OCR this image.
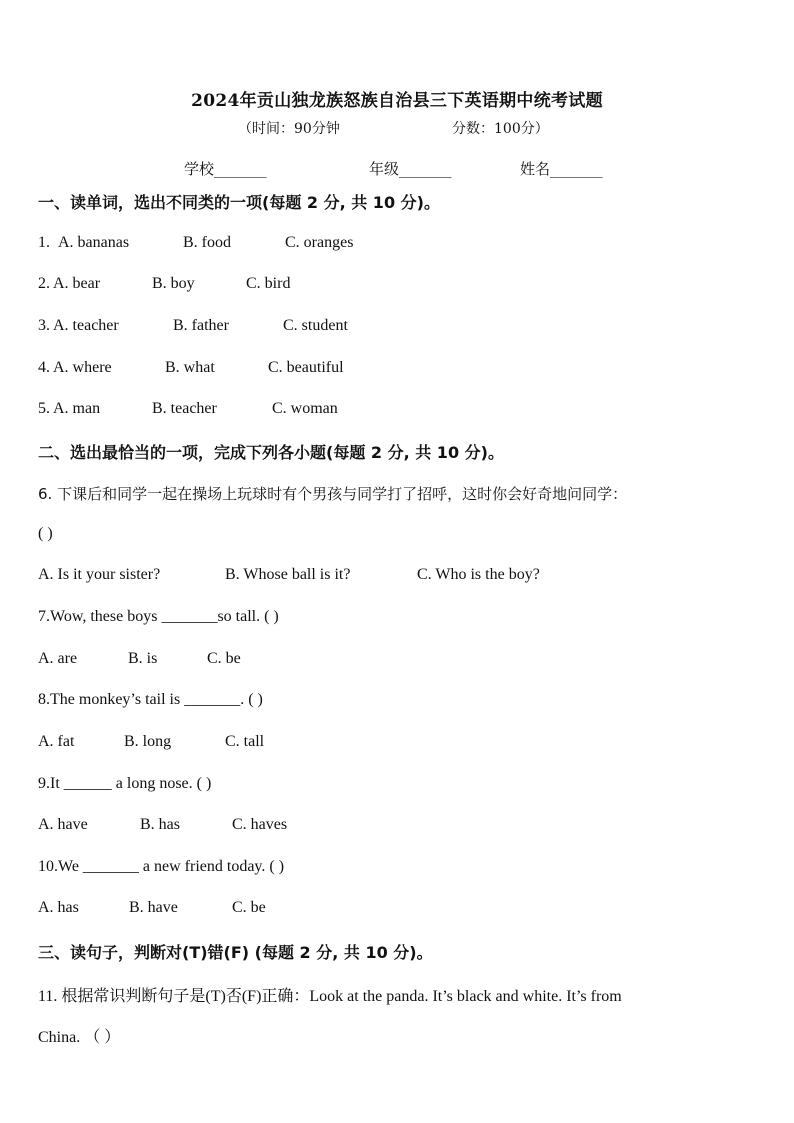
2024年贡山独龙族怒族自治县三下英语期中统考试题
（时间：90分钟	分数：100分）
学校_______	年级_______	姓名_______
一、读单词，选出不同类的一项(每题 2 分, 共 10 分)。
1. A. bananas	B. food	C. oranges
2. A. bear	B. boy	C. bird
3. A. teacher	B. father	C. student
4. A. where	B. what	C. beautiful
5. A. man	B. teacher	C. woman
二、选出最恰当的一项，完成下列各小题(每题 2 分, 共 10 分)。
6. 下课后和同学一起在操场上玩球时有个男孩与同学打了招呼，这时你会好奇地问同学：
( )
A. Is it your sister?	B. Whose ball is it?	C. Who is the boy?
7.Wow, these boys _______so tall. ( )
A. are	B. is	C. be
8.The monkey’s tail is _______. ( )
A. fat	B. long	C. tall
9.It ______ a long nose. ( )
A. have	B. has	C. haves
10.We _______ a new friend today. ( )
A. has	B. have	C. be
三、读句子，判断对(T)错(F) (每题 2 分, 共 10 分)。
11. 根据常识判断句子是(T)否(F)正确：Look at the panda. It’s black and white. It’s from
China. （ ）
